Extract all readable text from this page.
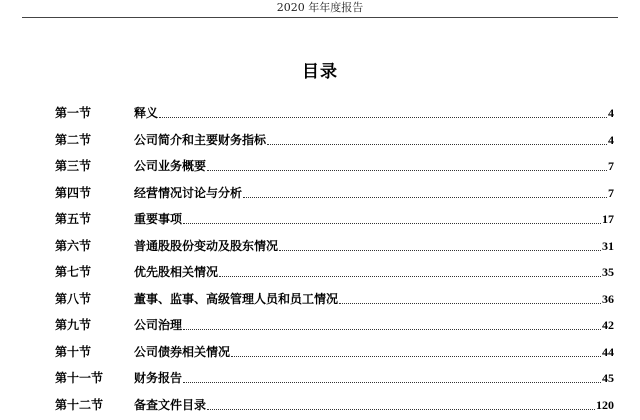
2020 年年度报告
目录
第一节	释义	4
第二节	公司简介和主要财务指标	4
第三节	公司业务概要	7
第四节	经营情况讨论与分析	7
第五节	重要事项	17
第六节	普通股股份变动及股东情况	31
第七节	优先股相关情况	35
第八节	董事、监事、高级管理人员和员工情况	36
第九节	公司治理	42
第十节	公司债券相关情况	44
第十一节	财务报告	45
第十二节	备查文件目录	120
